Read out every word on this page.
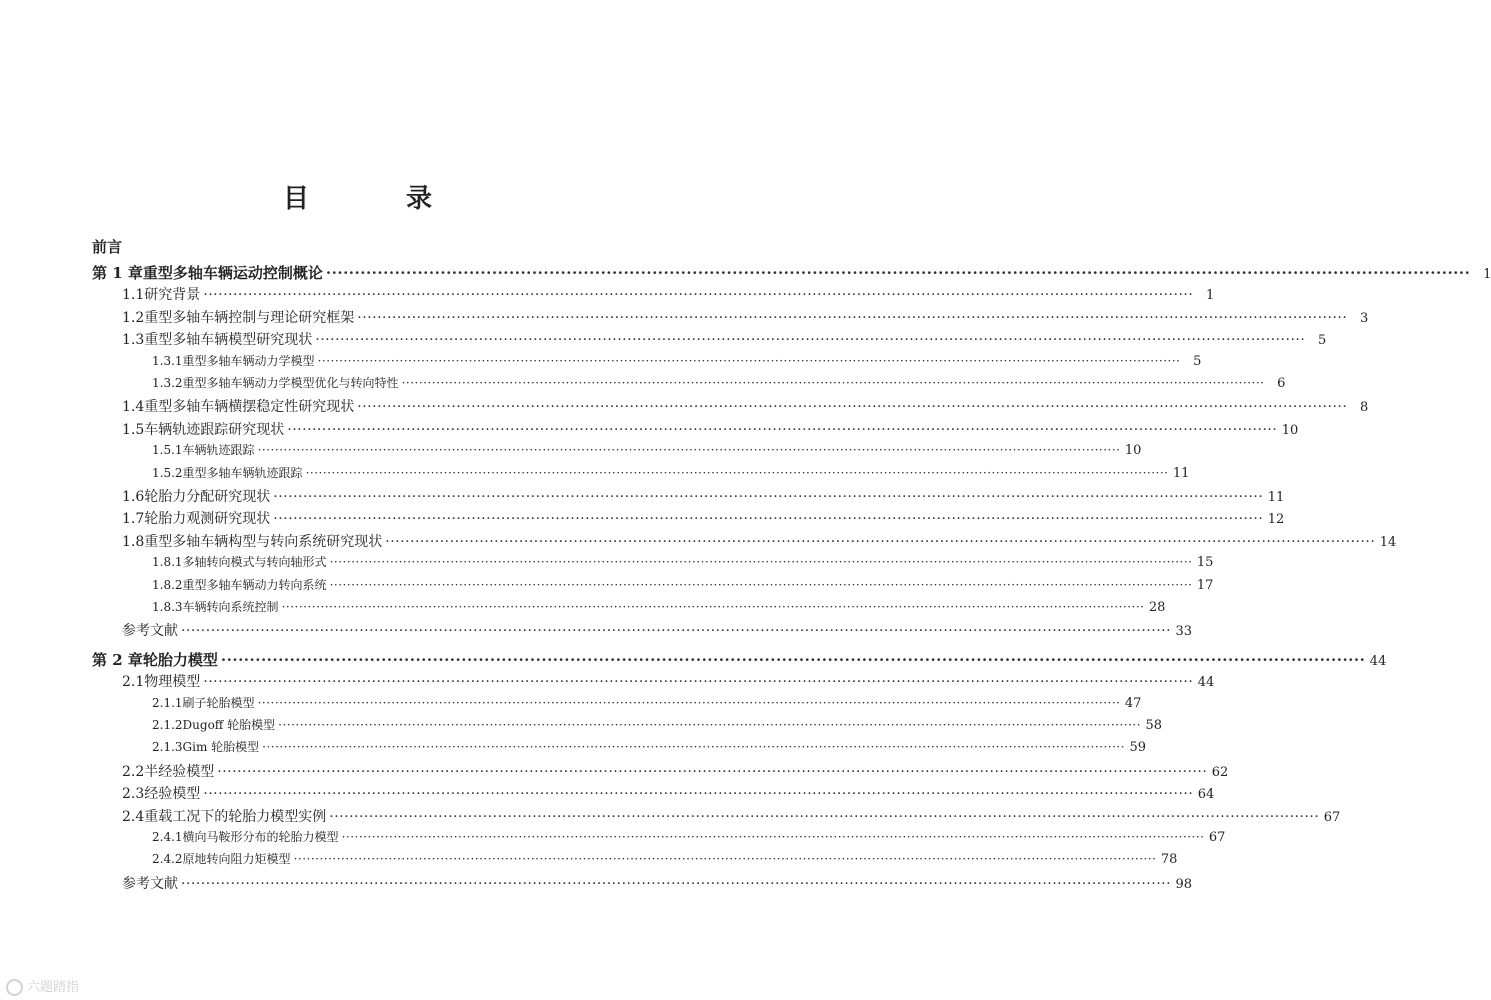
目 录
前言
第 1 章 重型多轴车辆运动控制概论 ········································································································································································································ 1
1.1 研究背景 ········································································································································································································ 1
1.2 重型多轴车辆控制与理论研究框架 ········································································································································································································ 3
1.3 重型多轴车辆模型研究现状 ········································································································································································································ 5
1.3.1 重型多轴车辆动力学模型 ········································································································································································································ 5
1.3.2 重型多轴车辆动力学模型优化与转向特性 ········································································································································································································ 6
1.4 重型多轴车辆横摆稳定性研究现状 ········································································································································································································ 8
1.5 车辆轨迹跟踪研究现状 ········································································································································································································ 10
1.5.1 车辆轨迹跟踪 ········································································································································································································ 10
1.5.2 重型多轴车辆轨迹跟踪 ········································································································································································································ 11
1.6 轮胎力分配研究现状 ········································································································································································································ 11
1.7 轮胎力观测研究现状 ········································································································································································································ 12
1.8 重型多轴车辆构型与转向系统研究现状 ········································································································································································································ 14
1.8.1 多轴转向模式与转向轴形式 ········································································································································································································ 15
1.8.2 重型多轴车辆动力转向系统 ········································································································································································································ 17
1.8.3 车辆转向系统控制 ········································································································································································································ 28
参考文献 ········································································································································································································ 33
第 2 章 轮胎力模型 ········································································································································································································ 44
2.1 物理模型 ········································································································································································································ 44
2.1.1 刷子轮胎模型 ········································································································································································································ 47
2.1.2 Dugoff 轮胎模型 ········································································································································································································ 58
2.1.3 Gim 轮胎模型 ········································································································································································································ 59
2.2 半经验模型 ········································································································································································································ 62
2.3 经验模型 ········································································································································································································ 64
2.4 重载工况下的轮胎力模型实例 ········································································································································································································ 67
2.4.1 横向马鞍形分布的轮胎力模型 ········································································································································································································ 67
2.4.2 原地转向阻力矩模型 ········································································································································································································ 78
参考文献 ········································································································································································································ 98
六题踏指
